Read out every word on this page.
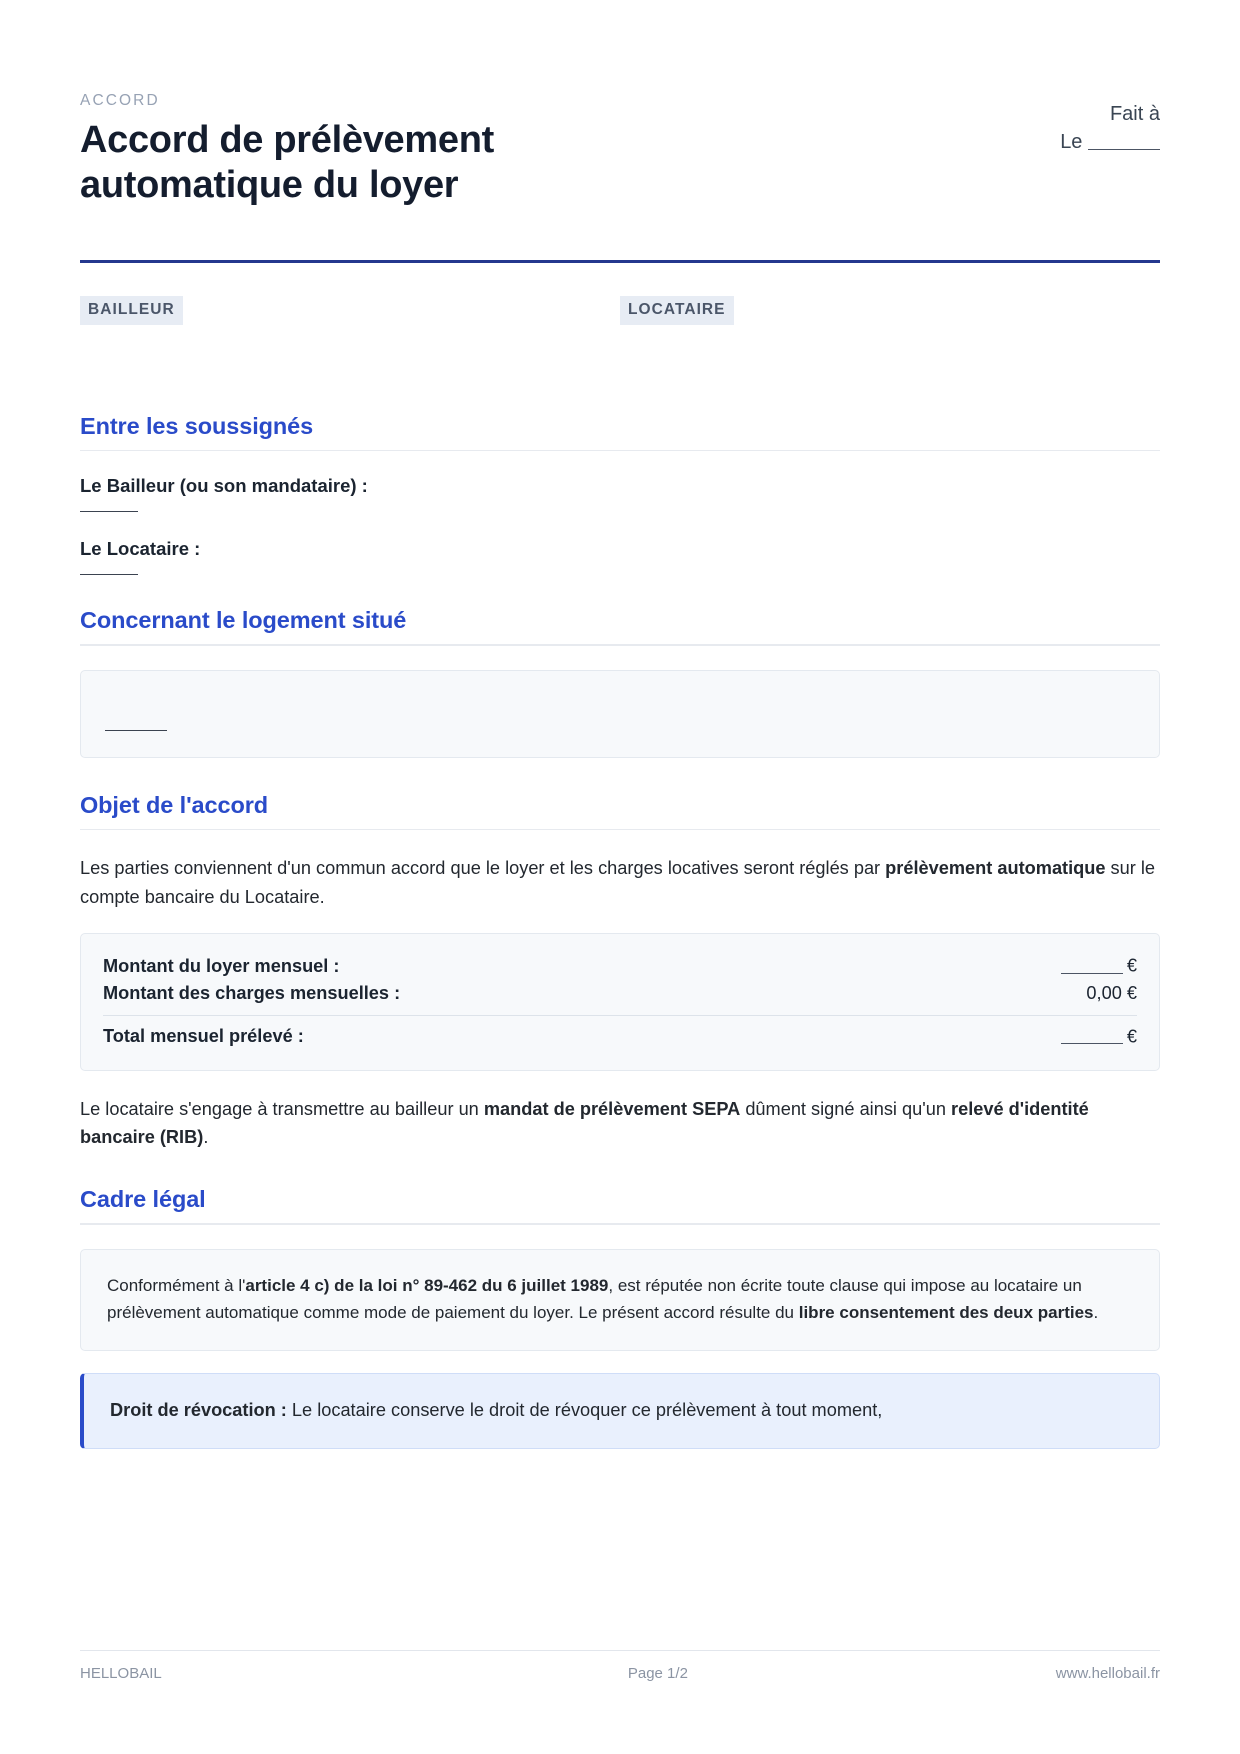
ACCORD
Accord de prélèvement automatique du loyer
Fait à
Le
BAILLEUR	LOCATAIRE
Entre les soussignés

Le Bailleur (ou son mandataire) :

Le Locataire :

Concernant le logement situé
Objet de l'accord

Les parties conviennent d'un commun accord que le loyer et les charges locatives seront réglés par prélèvement automatique sur le compte bancaire du Locataire.

Montant du loyer mensuel :	€
Montant des charges mensuelles :	0,00 €
Total mensuel prélevé :	€

Le locataire s'engage à transmettre au bailleur un mandat de prélèvement SEPA dûment signé ainsi qu'un relevé d'identité bancaire (RIB).

Cadre légal

Conformément à l'article 4 c) de la loi n° 89-462 du 6 juillet 1989, est réputée non écrite toute clause qui impose au locataire un prélèvement automatique comme mode de paiement du loyer. Le présent accord résulte du libre consentement des deux parties.

Droit de révocation : Le locataire conserve le droit de révoquer ce prélèvement à tout moment,

HELLOBAIL	Page 1/2	www.hellobail.fr
